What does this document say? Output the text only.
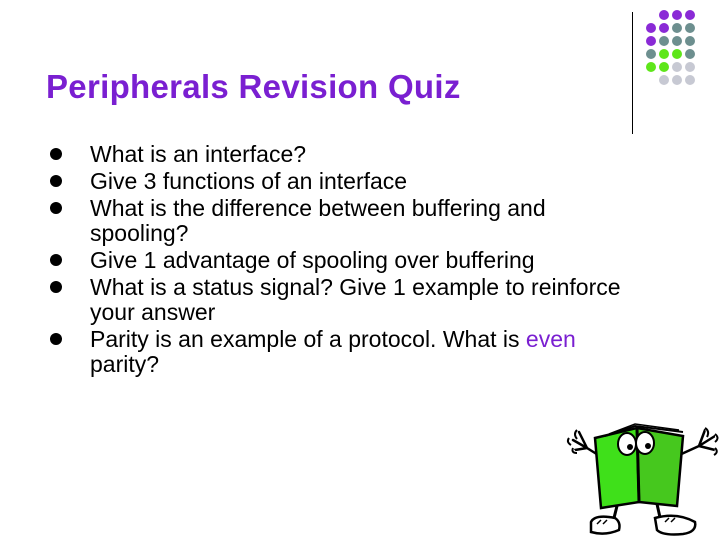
Peripherals Revision Quiz
What is an interface?
Give 3 functions of an interface
What is the difference between buffering and spooling?
Give 1 advantage of spooling over buffering
What is a status signal? Give 1 example to reinforce your answer
Parity is an example of a protocol. What is even parity?
